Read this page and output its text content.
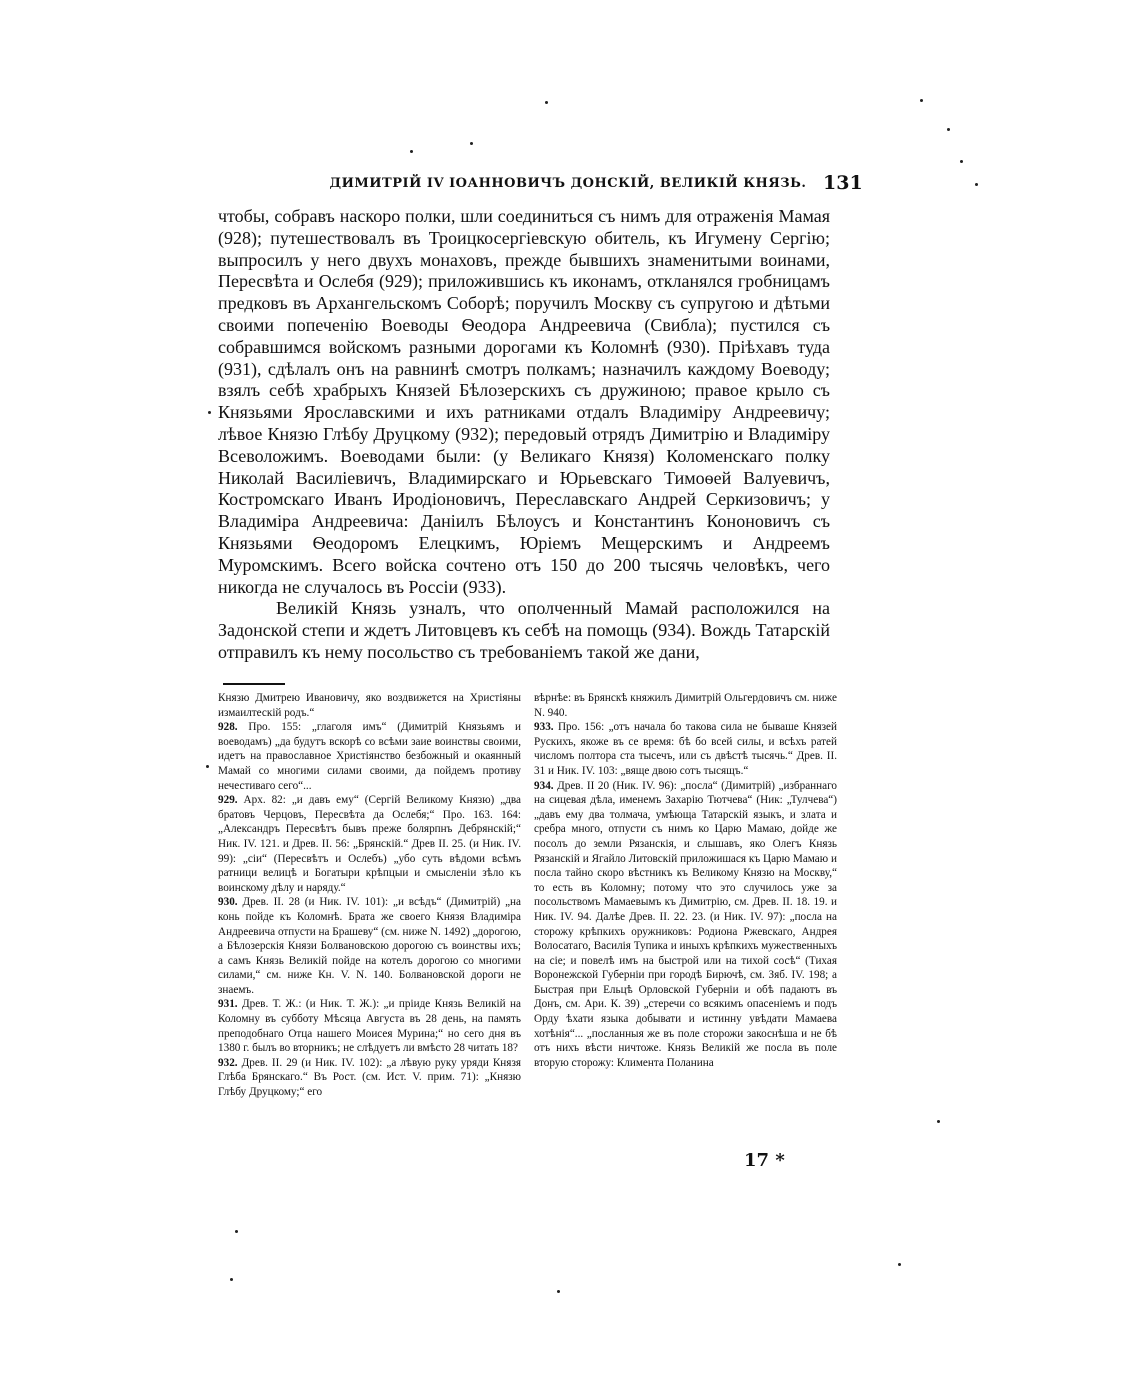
ДИМИТРІЙ IV ІОАННОВИЧЪ ДОНСКІЙ, ВЕЛИКІЙ КНЯЗЬ. 131

чтобы, собравъ наскоро полки, шли соединиться съ нимъ для отраженія Мамая (928); путешествовалъ въ Троицкосергіевскую обитель, къ Игумену Сергію; выпросилъ у него двухъ монаховъ, прежде бывшихъ знаменитыми воинами, Пересвѣта и Ослебя (929); приложившись къ иконамъ, откланялся гробницамъ предковъ въ Архангельскомъ Соборѣ; поручилъ Москву съ супругою и дѣтьми своими попеченію Воеводы Ѳеодора Андреевича (Свибла); пустился съ собравшимся войскомъ разными дорогами къ Коломнѣ (930). Пріѣхавъ туда (931), сдѣлалъ онъ на равнинѣ смотръ полкамъ; назначилъ каждому Воеводу; взялъ себѣ храбрыхъ Князей Бѣлозерскихъ съ дружиною; правое крыло съ Князьями Ярославскими и ихъ ратниками отдалъ Владиміру Андреевичу; лѣвое Князю Глѣбу Друцкому (932); передовый отрядъ Димитрію и Владиміру Всеволожимъ. Воеводами были: (у Великаго Князя) Коломенскаго полку Николай Василіевичъ, Владимирскаго и Юрьевскаго Тимоѳей Валуевичъ, Костромскаго Иванъ Иродіоновичъ, Переславскаго Андрей Серкизовичъ; у Владиміра Андреевича: Даніилъ Бѣлоусъ и Константинъ Кононовичъ съ Князьями Ѳеодоромъ Елецкимъ, Юріемъ Мещерскимъ и Андреемъ Муромскимъ. Всего войска сочтено отъ 150 до 200 тысячь человѣкъ, чего никогда не случалось въ Россіи (933).

Великій Князь узналъ, что ополченный Мамай расположился на Задонской степи и ждетъ Литовцевъ къ себѣ на помощь (934). Вождь Татарскій отправилъ къ нему посольство съ требованіемъ такой же дани,

Князю Дмитрею Ивановичу, яко воздвижется на Христіяны измаилтескій родъ.“

928. Про. 155: „глаголя имъ“ (Димитрій Князьямъ и воеводамъ) „да будутъ вскорѣ со всѣми заие воинствы своими, идетъ на православное Христіянство безбожный и окаянный Мамай со многими силами своими, да пойдемъ противу нечестиваго сего“...

929. Арх. 82: „и давъ ему“ (Сергій Великому Князю) „два братовъ Черцовъ, Пересвѣта да Ослебя;“ Про. 163. 164: „Александръ Пересвѣтъ бывъ преже болярпнъ Дебрянскій;“ Ник. IV. 121. и Древ. II. 56: „Брянскій.“ Древ II. 25. (и Ник. IV. 99): „сіи“ (Пересвѣтъ и Ослебъ) „убо суть вѣдоми всѣмъ ратници велицѣ и Богатыри крѣпцыи и смысленіи зѣло къ воинскому дѣлу и наряду.“

930. Древ. II. 28 (и Ник. IV. 101): „и всѣдъ“ (Димитрій) „на конь пойде къ Коломнѣ. Брата же своего Князя Владиміра Андреевича отпусти на Брашеву“ (см. ниже N. 1492) „дорогою, а Бѣлозерскія Князи Болвановскою дорогою съ воинствы ихъ; а самъ Князь Великій пойде на котелъ дорогою со многими силами,“ см. ниже Кн. V. N. 140. Болвановской дороги не знаемъ.

931. Древ. Т. Ж.: (и Ник. Т. Ж.): „и пріиде Князь Великій на Коломну въ субботу Мѣсяца Августа въ 28 день, на память преподобнаго Отца нашего Моисея Мурина;“ но сего дня въ 1380 г. былъ во вторникъ; не слѣдуетъ ли вмѣсто 28 читать 18?

932. Древ. II. 29 (и Ник. IV. 102): „а лѣвую руку уряди Князя Глѣба Брянскаго.“ Въ Рост. (см. Ист. V. прим. 71): „Князю Глѣбу Друцкому;“ его

вѣрнѣе: въ Брянскѣ княжилъ Димитрій Ольгердовичъ см. ниже N. 940.

933. Про. 156: „отъ начала бо такова сила не бываше Князей Рускихъ, якоже въ се время: бѣ бо всей силы, и всѣхъ ратей числомъ полтора ста тысечъ, или съ двѣстѣ тысячь.“ Древ. II. 31 и Ник. IV. 103: „вяще двою сотъ тысящъ.“

934. Древ. II 20 (Ник. IV. 96): „посла“ (Димитрій) „избраннаго на сицевая дѣла, именемъ Захарію Тютчева“ (Ник: „Тулчева“) „давъ ему два толмача, умѣюща Татарскій языкъ, и злата и сребра много, отпусти съ нимъ ко Царю Мамаю, дойде же посолъ до земли Рязанскія, и слышавъ, яко Олегъ Князь Рязанскій и Ягайло Литовскій приложишася къ Царю Мамаю и посла тайно скоро вѣстникъ къ Великому Князю на Москву,“ то есть въ Коломну; потому что это случилось уже за посольствомъ Мамаевымъ къ Димитрію, см. Древ. II. 18. 19. и Ник. IV. 94. Далѣе Древ. II. 22. 23. (и Ник. IV. 97): „посла на сторожу крѣпкихъ оружниковъ: Родиона Ржевскаго, Андрея Волосатаго, Василія Тупика и иныхъ крѣпкихъ мужественныхъ на сіе; и повелѣ имъ на быстрой или на тихой сосѣ“ (Тихая Воронежской Губерніи при городѣ Бирючѣ, см. Зяб. IV. 198; а Быстрая при Ельцѣ Орловской Губерніи и обѣ падаютъ въ Донъ, см. Ари. К. 39) „стеречи со всякимъ опасеніемъ и подъ Орду ѣхати языка добывати и истинну увѣдати Мамаева хотѣнія“... „посланныя же въ поле сторожи закоснѣша и не бѣ отъ нихъ вѣсти ничтоже. Князь Великій же посла въ поле вторую сторожу: Климента Поланина

17 *
